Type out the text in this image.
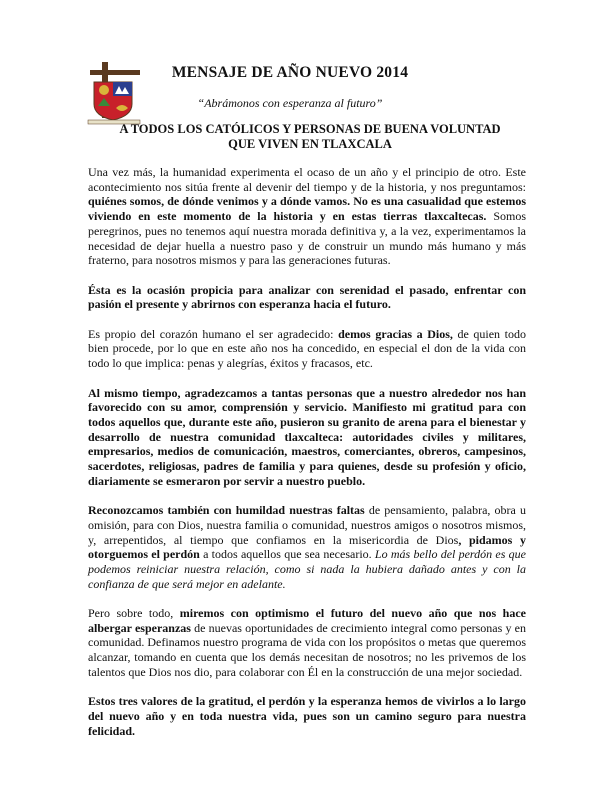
MENSAJE DE AÑO NUEVO 2014
“Abrámonos con esperanza al futuro”
A TODOS LOS CATÓLICOS Y PERSONAS DE BUENA VOLUNTAD
QUE VIVEN EN TLAXCALA

Una vez más, la humanidad experimenta el ocaso de un año y el principio de otro. Este acontecimiento nos sitúa frente al devenir del tiempo y de la historia, y nos preguntamos: quiénes somos, de dónde venimos y a dónde vamos. No es una casualidad que estemos viviendo en este momento de la historia y en estas tierras tlaxcaltecas. Somos peregrinos, pues no tenemos aquí nuestra morada definitiva y, a la vez, experimentamos la necesidad de dejar huella a nuestro paso y de construir un mundo más humano y más fraterno, para nosotros mismos y para las generaciones futuras.

Ésta es la ocasión propicia para analizar con serenidad el pasado, enfrentar con pasión el presente y abrirnos con esperanza hacia el futuro.

Es propio del corazón humano el ser agradecido: demos gracias a Dios, de quien todo bien procede, por lo que en este año nos ha concedido, en especial el don de la vida con todo lo que implica: penas y alegrías, éxitos y fracasos, etc.

Al mismo tiempo, agradezcamos a tantas personas que a nuestro alrededor nos han favorecido con su amor, comprensión y servicio. Manifiesto mi gratitud para con todos aquellos que, durante este año, pusieron su granito de arena para el bienestar y desarrollo de nuestra comunidad tlaxcalteca: autoridades civiles y militares, empresarios, medios de comunicación, maestros, comerciantes, obreros, campesinos, sacerdotes, religiosas, padres de familia y para quienes, desde su profesión y oficio, diariamente se esmeraron por servir a nuestro pueblo.

Reconozcamos también con humildad nuestras faltas de pensamiento, palabra, obra u omisión, para con Dios, nuestra familia o comunidad, nuestros amigos o nosotros mismos, y, arrepentidos, al tiempo que confiamos en la misericordia de Dios, pidamos y otorguemos el perdón a todos aquellos que sea necesario. Lo más bello del perdón es que podemos reiniciar nuestra relación, como si nada la hubiera dañado antes y con la confianza de que será mejor en adelante.

Pero sobre todo, miremos con optimismo el futuro del nuevo año que nos hace albergar esperanzas de nuevas oportunidades de crecimiento integral como personas y en comunidad. Definamos nuestro programa de vida con los propósitos o metas que queremos alcanzar, tomando en cuenta que los demás necesitan de nosotros; no les privemos de los talentos que Dios nos dio, para colaborar con Él en la construcción de una mejor sociedad.

Estos tres valores de la gratitud, el perdón y la esperanza hemos de vivirlos a lo largo del nuevo año y en toda nuestra vida, pues son un camino seguro para nuestra felicidad.
